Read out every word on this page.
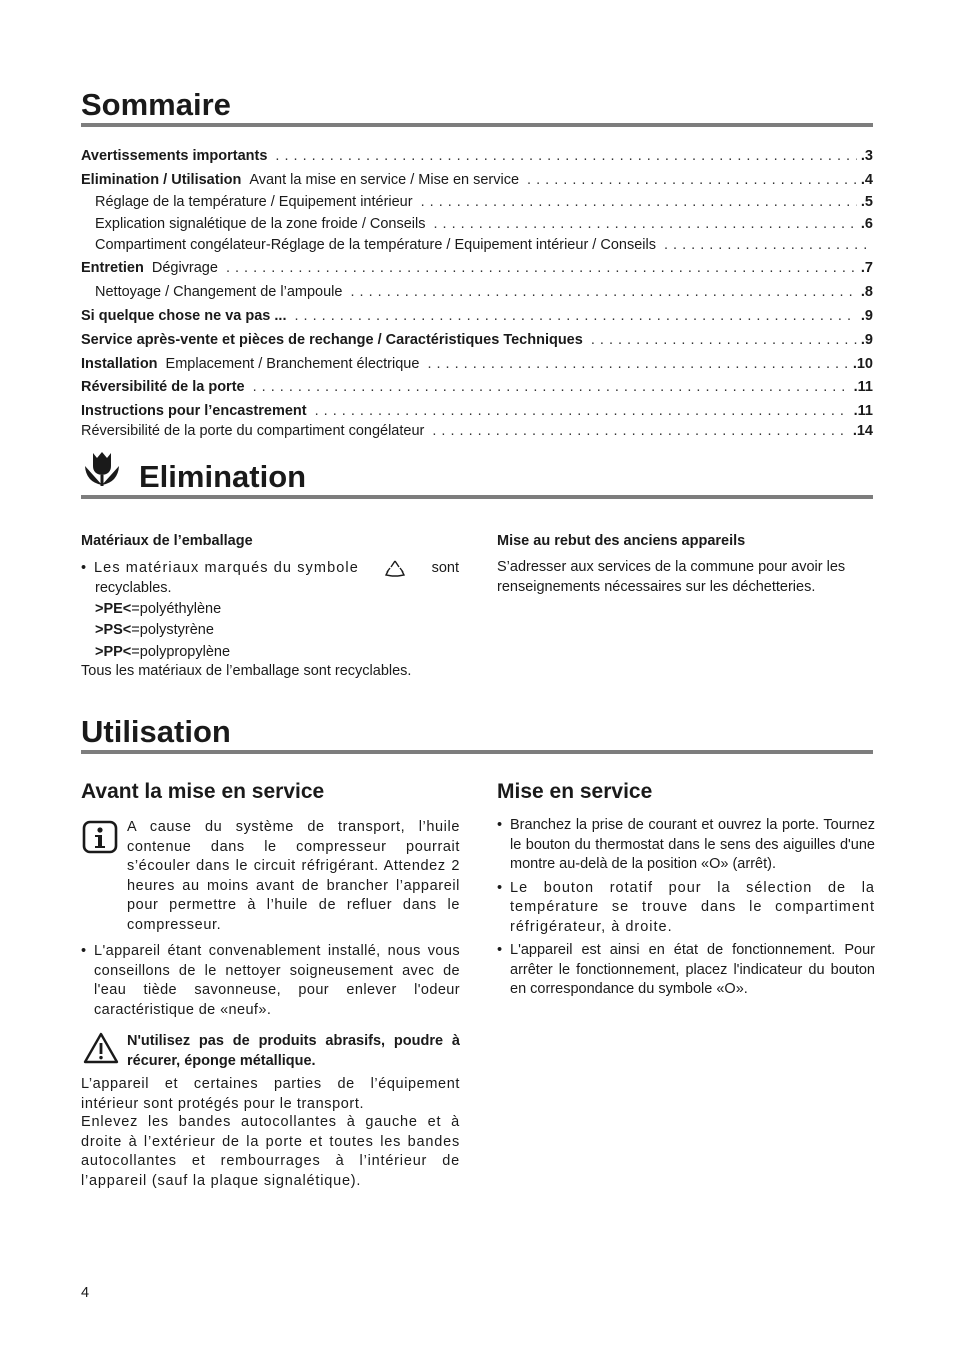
Sommaire
Avertissements importants . . .	.3
Elimination / Utilisation Avant la mise en service / Mise en service . . .	.4
Réglage de la température / Equipement intérieur . . .	.5
Explication signalétique de la zone froide / Conseils . . .	.6
Compartiment congélateur-Réglage de la température / Equipement intérieur / Conseils
. . .
Entretien Dégivrage . . .	.7
Nettoyage / Changement de l’ampoule . . .	.8
Si quelque chose ne va pas ... . . .	.9
Service après-vente et pièces de rechange / Caractéristiques Techniques . . .	.9
Installation Emplacement / Branchement électrique . . .	.10
Réversibilité de la porte . . .	.11
Instructions pour l’encastrement . . .	.11
Réversibilité de la porte du compartiment congélateur . . .	.14
Elimination
Matériaux de l’emballage
• Les matériaux marqués du symbole	sont
recyclables.
>PE<=polyéthylène
>PS<=polystyrène
>PP<=polypropylène
Tous les matériaux de l’emballage sont recyclables.
Mise au rebut des anciens appareils
S’adresser aux services de la commune pour avoir les renseignements nécessaires sur les déchetteries.
Utilisation
Avant la mise en service
A cause du système de transport, l’huile contenue dans le compresseur pourrait s’écouler dans le circuit réfrigérant. Attendez 2 heures au moins avant de brancher l’appareil pour permettre à l’huile de refluer dans le compresseur.
• L'appareil étant convenablement installé, nous vous conseillons de le nettoyer soigneusement avec de l'eau tiède savonneuse, pour enlever l'odeur caractéristique de «neuf».
N'utilisez pas de produits abrasifs, poudre à récurer, éponge métallique.
L’appareil et certaines parties de l’équipement intérieur sont protégés pour le transport.
Enlevez les bandes autocollantes à gauche et à droite à l’extérieur de la porte et toutes les bandes autocollantes et rembourrages à l’intérieur de l’appareil (sauf la plaque signalétique).
Mise en service
• Branchez la prise de courant et ouvrez la porte. Tournez le bouton du thermostat dans le sens des aiguilles d'une montre au-delà de la position «O» (arrêt).
• Le bouton rotatif pour la sélection de la température se trouve dans le compartiment réfrigérateur, à droite.
• L'appareil est ainsi en état de fonctionnement. Pour arrêter le fonctionnement, placez l'indicateur du bouton en correspondance du symbole «O».
4
